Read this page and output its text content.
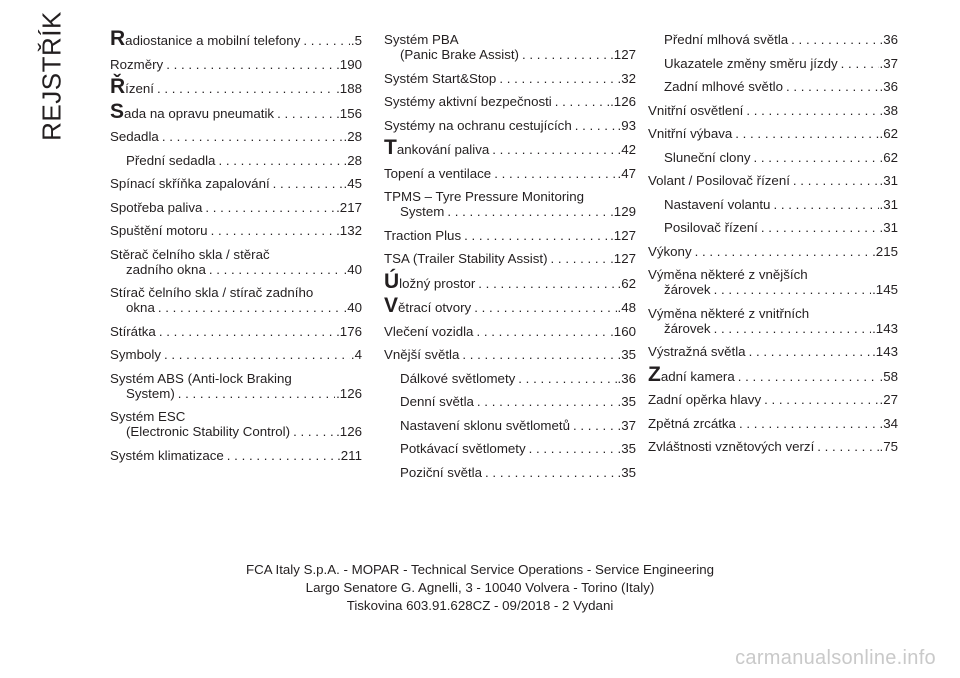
REJSTŘÍK Radiostanice a mobilní telefony . . .	.5
Rozměry . . .	.190
Řízení . . .	.188
Sada na opravu pneumatik . . .	.156
Sedadla . . .	.28
Přední sedadla . . .	.28
Spínací skříňka zapalování . . .	.45
Spotřeba paliva . . .	.217
Spuštění motoru . . .	.132
Stěrač čelního skla / stěrač
zadního okna . . .	.40
Stírač čelního skla / stírač zadního
okna . . .	.40
Stírátka . . .	.176
Symboly . . .	.4
Systém ABS (Anti-lock Braking
System) . . .	.126
Systém ESC
(Electronic Stability Control) . . .	.126
Systém klimatizace . . .	.211
Systém PBA
(Panic Brake Assist) . . .	.127
Systém Start&Stop . . .	.32
Systémy aktivní bezpečnosti . . .	.126
Systémy na ochranu cestujících . . .	.93
Tankování paliva . . .	.42
Topení a ventilace . . .	.47
TPMS – Tyre Pressure Monitoring
System . . .	.129
Traction Plus . . .	.127
TSA (Trailer Stability Assist) . . .	.127
Úložný prostor . . .	.62
Větrací otvory . . .	.48
Vlečení vozidla . . .	.160
Vnější světla . . .	.35
Dálkové světlomety . . .	.36
Denní světla . . .	.35
Nastavení sklonu světlometů . . .	.37
Potkávací světlomety . . .	.35
Poziční světla . . .	.35
Přední mlhová světla . . .	.36
Ukazatele změny směru jízdy . . .	.37
Zadní mlhové světlo . . .	.36
Vnitřní osvětlení . . .	.38
Vnitřní výbava . . .	.62
Sluneční clony . . .	.62
Volant / Posilovač řízení . . .	.31
Nastavení volantu . . .	.31
Posilovač řízení . . .	.31
Výkony . . .	.215
Výměna některé z vnějších
žárovek . . .	.145
Výměna některé z vnitřních
žárovek . . .	.143
Výstražná světla . . .	.143
Zadní kamera . . .	.58
Zadní opěrka hlavy . . .	.27
Zpětná zrcátka . . .	.34
Zvláštnosti vznětových verzí . . .	.75
FCA Italy S.p.A. - MOPAR - Technical Service Operations - Service Engineering
Largo Senatore G. Agnelli, 3 - 10040 Volvera - Torino (Italy)
Tiskovina 603.91.628CZ - 09/2018 - 2 Vydani
carmanualsonline.info
